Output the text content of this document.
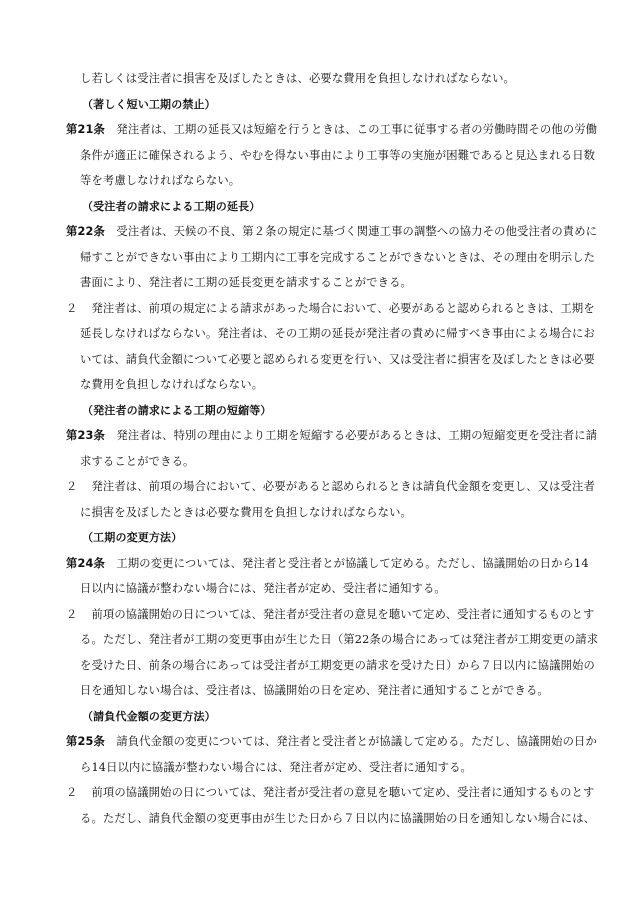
し若しくは受注者に損害を及ぼしたときは、必要な費用を負担しなければならない。
（著しく短い工期の禁止）
第21条　発注者は、工期の延長又は短縮を行うときは、この工事に従事する者の労働時間その他の労働
条件が適正に確保されるよう、やむを得ない事由により工事等の実施が困難であると見込まれる日数
等を考慮しなければならない。
（受注者の請求による工期の延長）
第22条　受注者は、天候の不良、第２条の規定に基づく関連工事の調整への協力その他受注者の責めに
帰すことができない事由により工期内に工事を完成することができないときは、その理由を明示した
書面により、発注者に工期の延長変更を請求することができる。
２　発注者は、前項の規定による請求があった場合において、必要があると認められるときは、工期を
延長しなければならない。発注者は、その工期の延長が発注者の責めに帰すべき事由による場合にお
いては、請負代金額について必要と認められる変更を行い、又は受注者に損害を及ぼしたときは必要
な費用を負担しなければならない。
（発注者の請求による工期の短縮等）
第23条　発注者は、特別の理由により工期を短縮する必要があるときは、工期の短縮変更を受注者に請
求することができる。
２　発注者は、前項の場合において、必要があると認められるときは請負代金額を変更し、又は受注者
に損害を及ぼしたときは必要な費用を負担しなければならない。
（工期の変更方法）
第24条　工期の変更については、発注者と受注者とが協議して定める。ただし、協議開始の日から14
日以内に協議が整わない場合には、発注者が定め、受注者に通知する。
２　前項の協議開始の日については、発注者が受注者の意見を聴いて定め、受注者に通知するものとす
る。ただし、発注者が工期の変更事由が生じた日（第22条の場合にあっては発注者が工期変更の請求
を受けた日、前条の場合にあっては受注者が工期変更の請求を受けた日）から７日以内に協議開始の
日を通知しない場合は、受注者は、協議開始の日を定め、発注者に通知することができる。
（請負代金額の変更方法）
第25条　請負代金額の変更については、発注者と受注者とが協議して定める。ただし、協議開始の日か
ら14日以内に協議が整わない場合には、発注者が定め、受注者に通知する。
２　前項の協議開始の日については、発注者が受注者の意見を聴いて定め、受注者に通知するものとす
る。ただし、請負代金額の変更事由が生じた日から７日以内に協議開始の日を通知しない場合には、
